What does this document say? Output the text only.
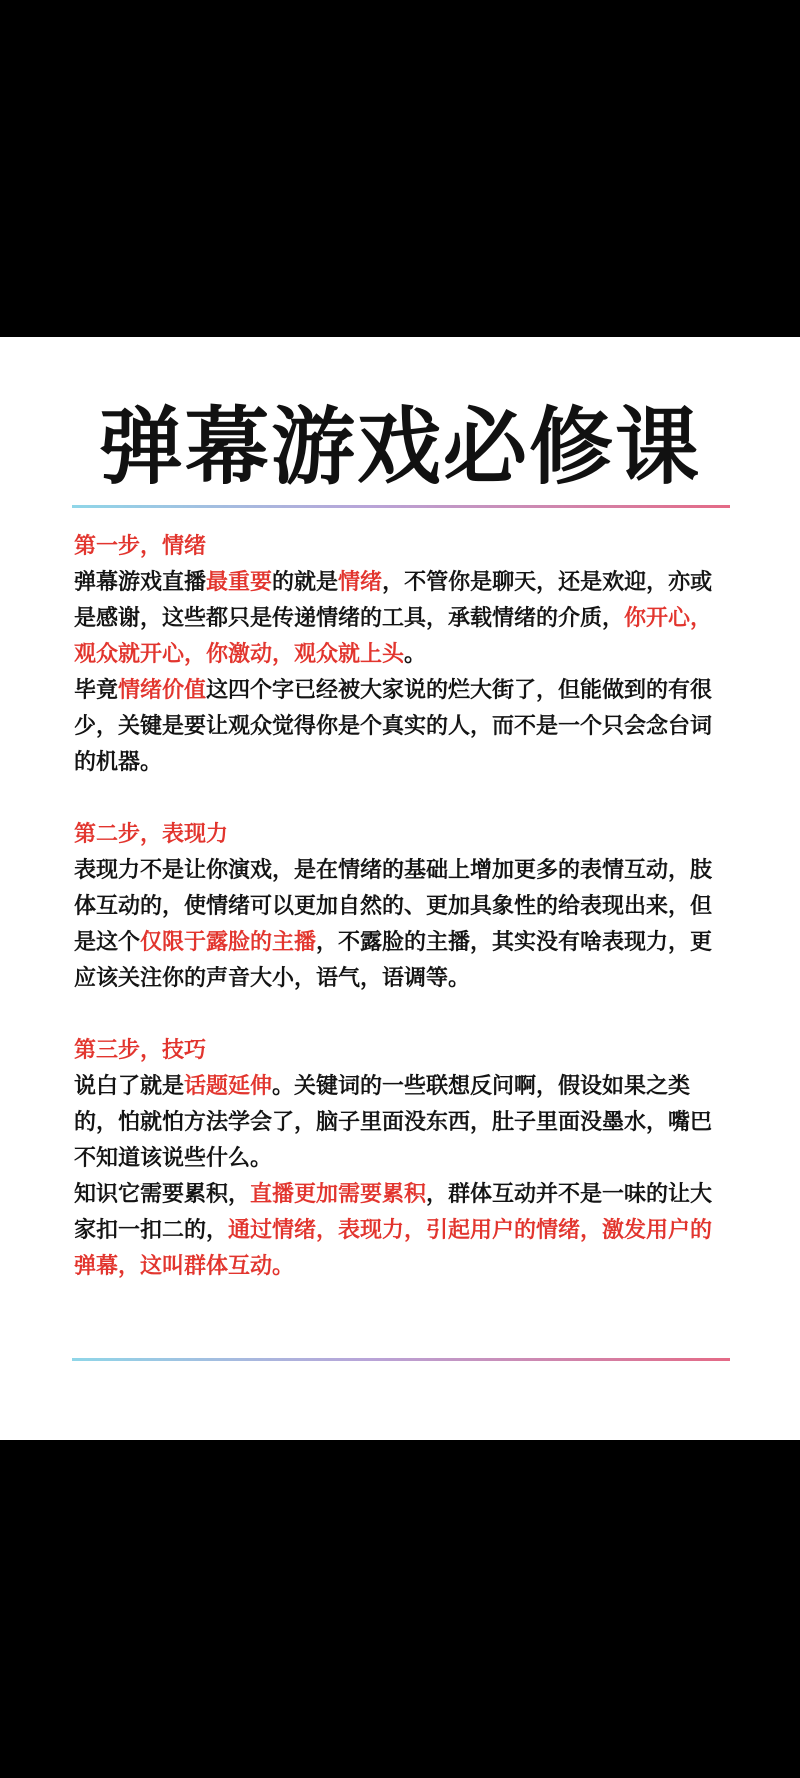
弹幕游戏必修课

第一步，情绪

弹幕游戏直播最重要的就是情绪，不管你是聊天，还是欢迎，亦或是感谢，这些都只是传递情绪的工具，承载情绪的介质，你开心，观众就开心，你激动，观众就上头。

毕竟情绪价值这四个字已经被大家说的烂大街了，但能做到的有很少，关键是要让观众觉得你是个真实的人，而不是一个只会念台词的机器。

第二步，表现力

表现力不是让你演戏，是在情绪的基础上增加更多的表情互动，肢体互动的，使情绪可以更加自然的、更加具象性的给表现出来，但是这个仅限于露脸的主播，不露脸的主播，其实没有啥表现力，更应该关注你的声音大小，语气，语调等。

第三步，技巧

说白了就是话题延伸。关键词的一些联想反问啊，假设如果之类的，怕就怕方法学会了，脑子里面没东西，肚子里面没墨水，嘴巴不知道该说些什么。

知识它需要累积，直播更加需要累积，群体互动并不是一味的让大家扣一扣二的，通过情绪，表现力，引起用户的情绪，激发用户的弹幕，这叫群体互动。
